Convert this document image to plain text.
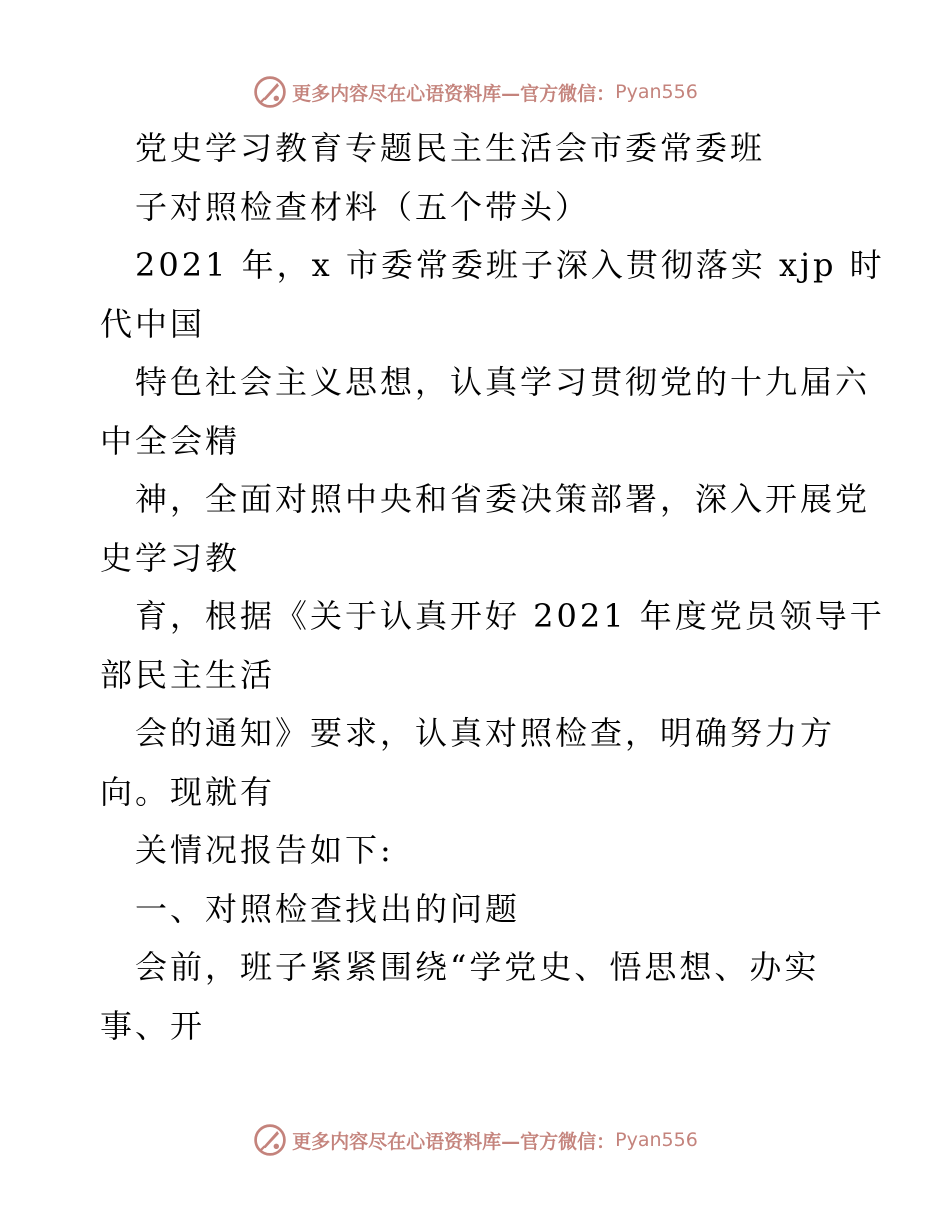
更多内容尽在心语资料库—官方微信： Pyan556
党史学习教育专题民主生活会市委常委班
子对照检查材料（五个带头）
2021 年，x 市委常委班子深入贯彻落实 xjp 时
代中国
特色社会主义思想，认真学习贯彻党的十九届六
中全会精
神，全面对照中央和省委决策部署，深入开展党
史学习教
育，根据《关于认真开好 2021 年度党员领导干
部民主生活
会的通知》要求，认真对照检查，明确努力方
向。现就有
关情况报告如下:
一、对照检查找出的问题
会前，班子紧紧围绕“学党史、悟思想、办实
事、开
更多内容尽在心语资料库—官方微信： Pyan556
